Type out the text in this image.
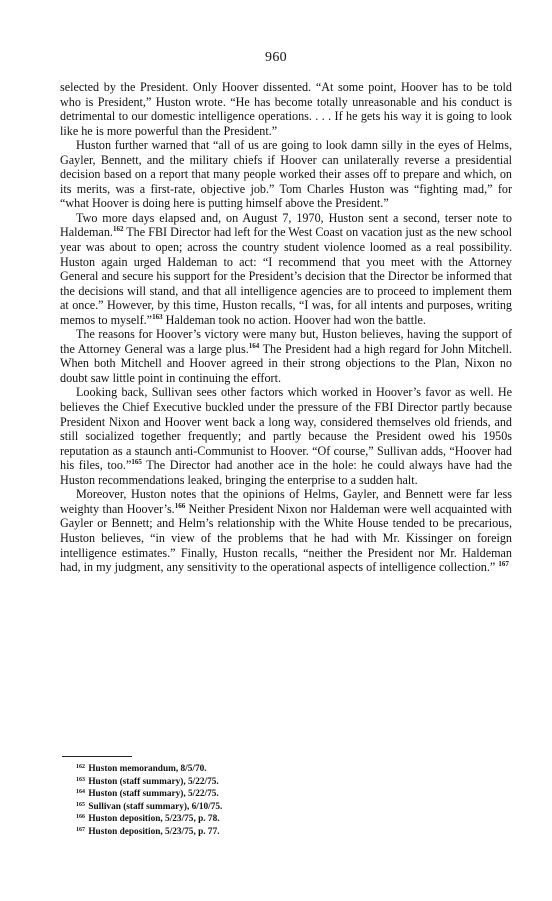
960

selected by the President. Only Hoover dissented. “At some point, Hoover has to be told who is President,” Huston wrote. “He has become totally unreasonable and his conduct is detrimental to our domestic intelligence operations. . . . If he gets his way it is going to look like he is more powerful than the President.”

Huston further warned that “all of us are going to look damn silly in the eyes of Helms, Gayler, Bennett, and the military chiefs if Hoover can unilaterally reverse a presidential decision based on a report that many people worked their asses off to prepare and which, on its merits, was a first-rate, objective job.” Tom Charles Huston was “fighting mad,” for “what Hoover is doing here is putting himself above the President.”

Two more days elapsed and, on August 7, 1970, Huston sent a second, terser note to Haldeman.$^{162}$ The FBI Director had left for the West Coast on vacation just as the new school year was about to open; across the country student violence loomed as a real possibility. Huston again urged Haldeman to act: “I recommend that you meet with the Attorney General and secure his support for the President’s decision that the Director be informed that the decisions will stand, and that all intelligence agencies are to proceed to implement them at once.” However, by this time, Huston recalls, “I was, for all intents and purposes, writing memos to myself.”$^{163}$ Haldeman took no action. Hoover had won the battle.

The reasons for Hoover’s victory were many but, Huston believes, having the support of the Attorney General was a large plus.$^{164}$ The President had a high regard for John Mitchell. When both Mitchell and Hoover agreed in their strong objections to the Plan, Nixon no doubt saw little point in continuing the effort.

Looking back, Sullivan sees other factors which worked in Hoover’s favor as well. He believes the Chief Executive buckled under the pressure of the FBI Director partly because President Nixon and Hoover went back a long way, considered themselves old friends, and still socialized together frequently; and partly because the President owed his 1950s reputation as a staunch anti-Communist to Hoover. “Of course,” Sullivan adds, “Hoover had his files, too.”$^{165}$ The Director had another ace in the hole: he could always have had the Huston recommendations leaked, bringing the enterprise to a sudden halt.

Moreover, Huston notes that the opinions of Helms, Gayler, and Bennett were far less weighty than Hoover’s.$^{166}$ Neither President Nixon nor Haldeman were well acquainted with Gayler or Bennett; and Helm’s relationship with the White House tended to be precarious, Huston believes, “in view of the problems that he had with Mr. Kissinger on foreign intelligence estimates.” Finally, Huston recalls, “neither the President nor Mr. Haldeman had, in my judgment, any sensitivity to the operational aspects of intelligence collection.” $^{167}$

$^{162}$ Huston memorandum, 8/5/70.
$^{163}$ Huston (staff summary), 5/22/75.
$^{164}$ Huston (staff summary), 5/22/75.
$^{165}$ Sullivan (staff summary), 6/10/75.
$^{166}$ Huston deposition, 5/23/75, p. 78.
$^{167}$ Huston deposition, 5/23/75, p. 77.
